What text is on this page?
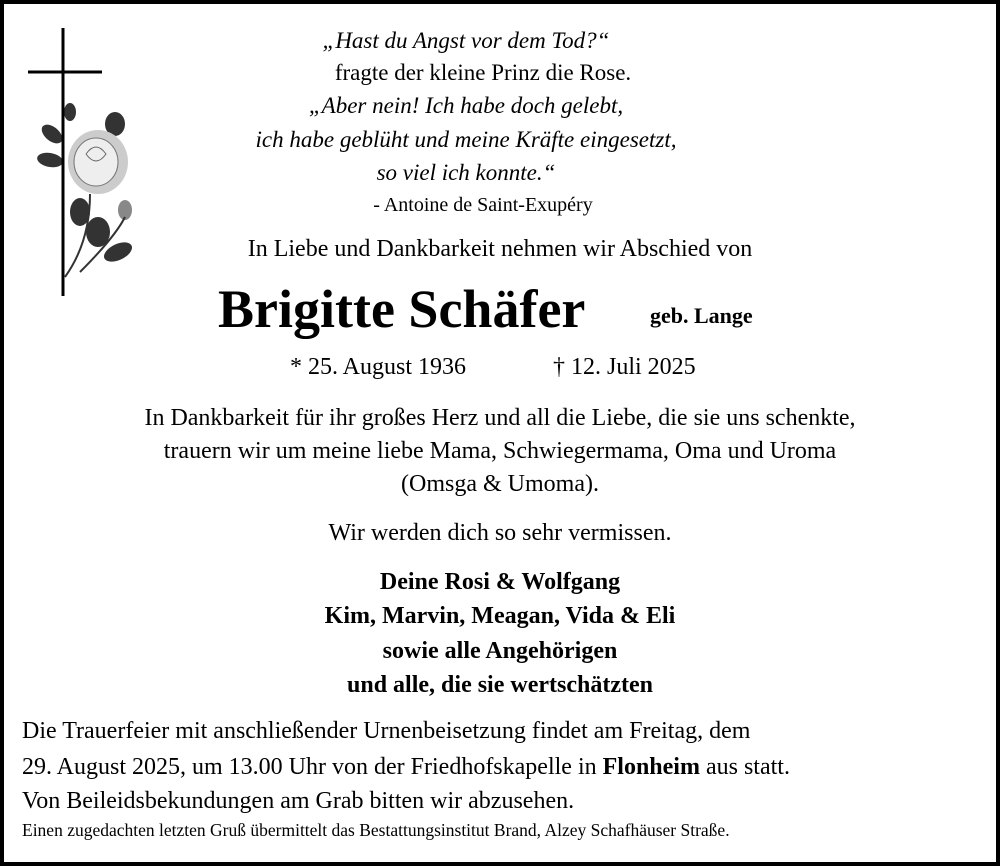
„Hast du Angst vor dem Tod?“
fragte der kleine Prinz die Rose.
„Aber nein! Ich habe doch gelebt,
ich habe geblüht und meine Kräfte eingesetzt,
so viel ich konnte.“
- Antoine de Saint-Exupéry
In Liebe und Dankbarkeit nehmen wir Abschied von
Brigitte Schäfer	geb. Lange
* 25. August 1936	† 12. Juli 2025
In Dankbarkeit für ihr großes Herz und all die Liebe, die sie uns schenkte,
trauern wir um meine liebe Mama, Schwiegermama, Oma und Uroma
(Omsga & Umoma).
Wir werden dich so sehr vermissen.
Deine Rosi & Wolfgang
Kim, Marvin, Meagan, Vida & Eli
sowie alle Angehörigen
und alle, die sie wertschätzten
Die Trauerfeier mit anschließender Urnenbeisetzung findet am Freitag, dem
29. August 2025, um 13.00 Uhr von der Friedhofskapelle in Flonheim aus statt.
Von Beileidsbekundungen am Grab bitten wir abzusehen.
Einen zugedachten letzten Gruß übermittelt das Bestattungsinstitut Brand, Alzey Schafhäuser Straße.
